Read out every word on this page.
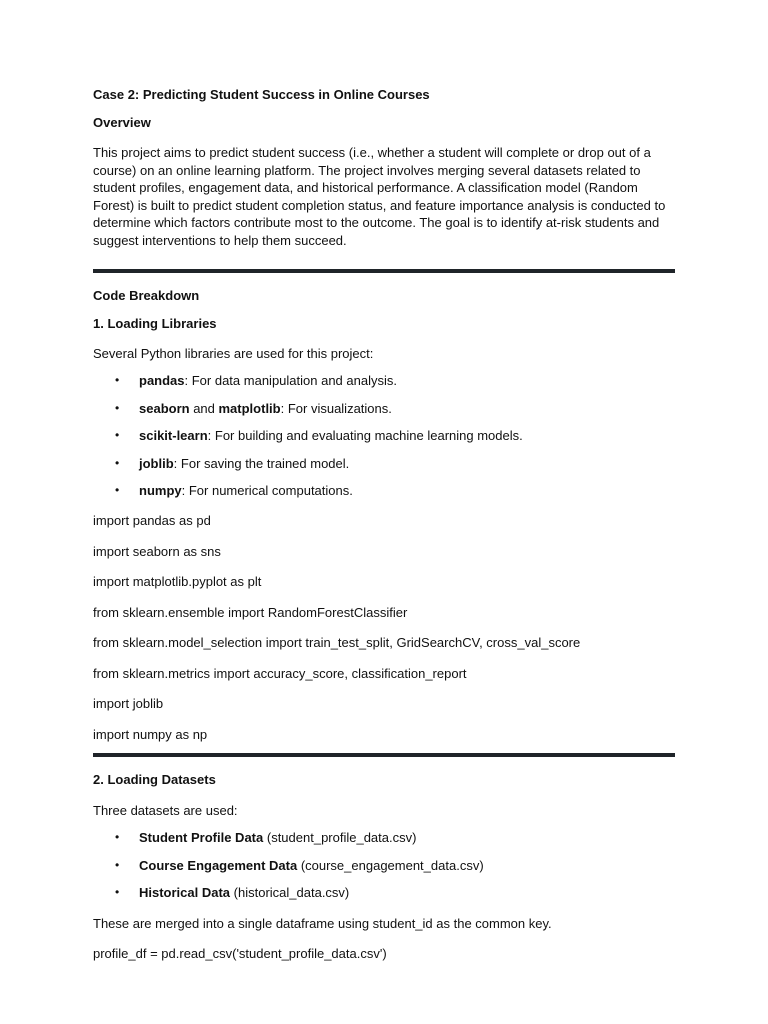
Case 2: Predicting Student Success in Online Courses

Overview

This project aims to predict student success (i.e., whether a student will complete or drop out of a course) on an online learning platform. The project involves merging several datasets related to student profiles, engagement data, and historical performance. A classification model (Random Forest) is built to predict student completion status, and feature importance analysis is conducted to determine which factors contribute most to the outcome. The goal is to identify at-risk students and suggest interventions to help them succeed.

Code Breakdown

1. Loading Libraries

Several Python libraries are used for this project:

• pandas: For data manipulation and analysis.
• seaborn and matplotlib: For visualizations.
• scikit-learn: For building and evaluating machine learning models.
• joblib: For saving the trained model.
• numpy: For numerical computations.

import pandas as pd

import seaborn as sns

import matplotlib.pyplot as plt

from sklearn.ensemble import RandomForestClassifier

from sklearn.model_selection import train_test_split, GridSearchCV, cross_val_score

from sklearn.metrics import accuracy_score, classification_report

import joblib

import numpy as np

2. Loading Datasets

Three datasets are used:

• Student Profile Data (student_profile_data.csv)
• Course Engagement Data (course_engagement_data.csv)
• Historical Data (historical_data.csv)

These are merged into a single dataframe using student_id as the common key.

profile_df = pd.read_csv('student_profile_data.csv')
